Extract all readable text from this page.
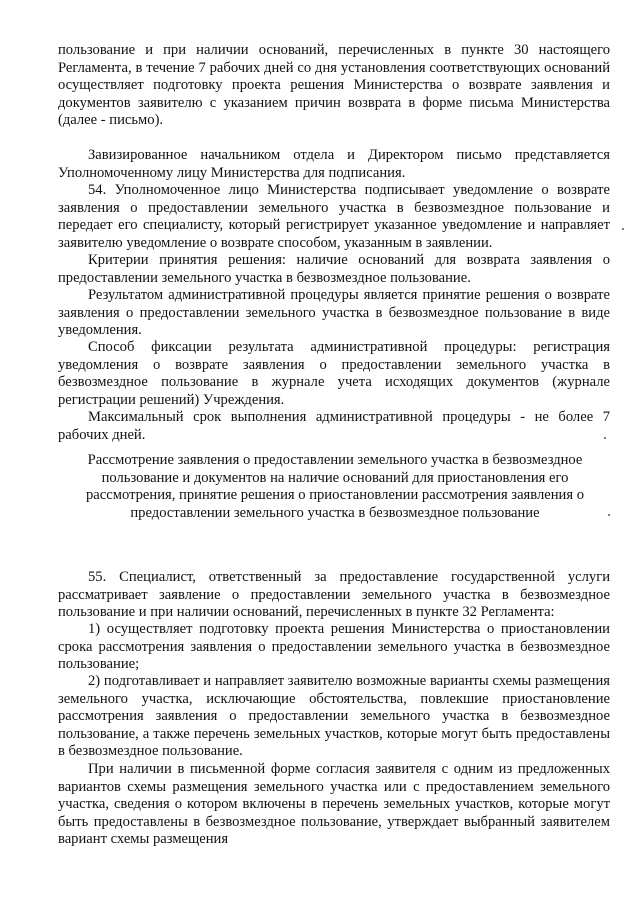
пользование и при наличии оснований, перечисленных в пункте 30 настоящего Регламента, в течение 7 рабочих дней со дня установления соответствующих оснований осуществляет подготовку проекта решения Министерства о возврате заявления и документов заявителю с указанием причин возврата в форме письма Министерства (далее - письмо).

Завизированное начальником отдела и Директором письмо представляется Уполномоченному лицу Министерства для подписания.

54. Уполномоченное лицо Министерства подписывает уведомление о возврате заявления о предоставлении земельного участка в безвозмездное пользование и передает его специалисту, который регистрирует указанное уведомление и направляет заявителю уведомление о возврате способом, указанным в заявлении.

Критерии принятия решения: наличие оснований для возврата заявления о предоставлении земельного участка в безвозмездное пользование.

Результатом административной процедуры является принятие решения о возврате заявления о предоставлении земельного участка в безвозмездное пользование в виде уведомления.

Способ фиксации результата административной процедуры: регистрация уведомления о возврате заявления о предоставлении земельного участка в безвозмездное пользование в журнале учета исходящих документов (журнале регистрации решений) Учреждения.

Максимальный срок выполнения административной процедуры - не более 7 рабочих дней.

Рассмотрение заявления о предоставлении земельного участка в безвозмездное пользование и документов на наличие оснований для приостановления его рассмотрения, принятие решения о приостановлении рассмотрения заявления о предоставлении земельного участка в безвозмездное пользование

55. Специалист, ответственный за предоставление государственной услуги рассматривает заявление о предоставлении земельного участка в безвозмездное пользование и при наличии оснований, перечисленных в пункте 32 Регламента:

1) осуществляет подготовку проекта решения Министерства о приостановлении срока рассмотрения заявления о предоставлении земельного участка в безвозмездное пользование;

2) подготавливает и направляет заявителю возможные варианты схемы размещения земельного участка, исключающие обстоятельства, повлекшие приостановление рассмотрения заявления о предоставлении земельного участка в безвозмездное пользование, а также перечень земельных участков, которые могут быть предоставлены в безвозмездное пользование.

При наличии в письменной форме согласия заявителя с одним из предложенных вариантов схемы размещения земельного участка или с предоставлением земельного участка, сведения о котором включены в перечень земельных участков, которые могут быть предоставлены в безвозмездное пользование, утверждает выбранный заявителем вариант схемы размещения
